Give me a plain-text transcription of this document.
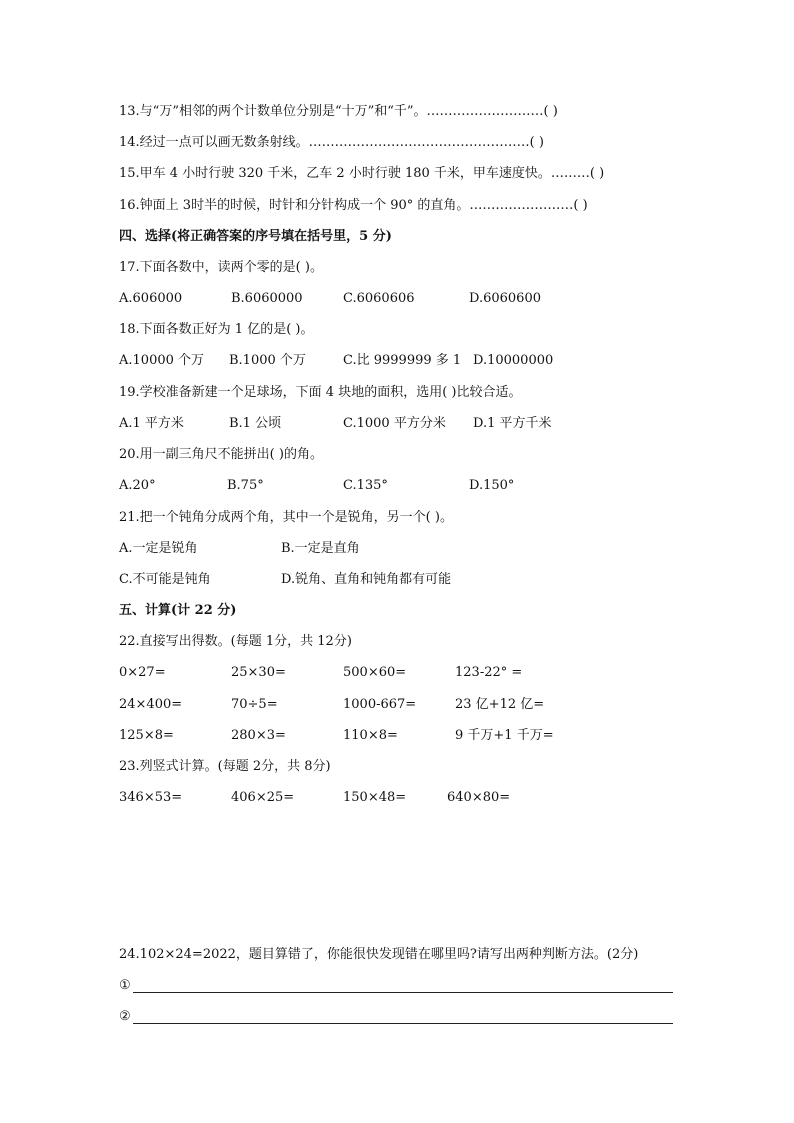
13.与“万”相邻的两个计数单位分别是“十万”和“千”。………………………( )
14.经过一点可以画无数条射线。……………………………………………( )
15.甲车 4 小时行驶 320 千米，乙车 2 小时行驶 180 千米，甲车速度快。………( )
16.钟面上 3时半的时候，时针和分针构成一个 90° 的直角。……………………( )
四、选择(将正确答案的序号填在括号里，5 分)
17.下面各数中，读两个零的是( )。
A.606000	B.6060000	C.6060606	D.6060600
18.下面各数正好为 1 亿的是( )。
A.10000 个万 B.1000 个万	C.比 9999999 多 1 D.10000000
19.学校准备新建一个足球场，下面 4 块地的面积，选用( )比较合适。
A.1 平方米	B.1 公顷	C.1000 平方分米 D.1 平方千米
20.用一副三角尺不能拼出( )的角。
A.20°	B.75°	C.135°	D.150°
21.把一个钝角分成两个角，其中一个是锐角，另一个( )。
A.一定是锐角	B.一定是直角
C.不可能是钝角	D.锐角、直角和钝角都有可能
五、计算(计 22 分)
22.直接写出得数。(每题 1分，共 12分)
0×27=	25×30=	500×60=	123-22° =
24×400=	70÷5=	1000-667=	23 亿+12 亿=
125×8=	280×3=	110×8=	9 千万+1 千万=
23.列竖式计算。(每题 2分，共 8分)
346×53=	406×25=	150×48=	640×80=
24.102×24=2022，题目算错了，你能很快发现错在哪里吗?请写出两种判断方法。(2分)
①
②
